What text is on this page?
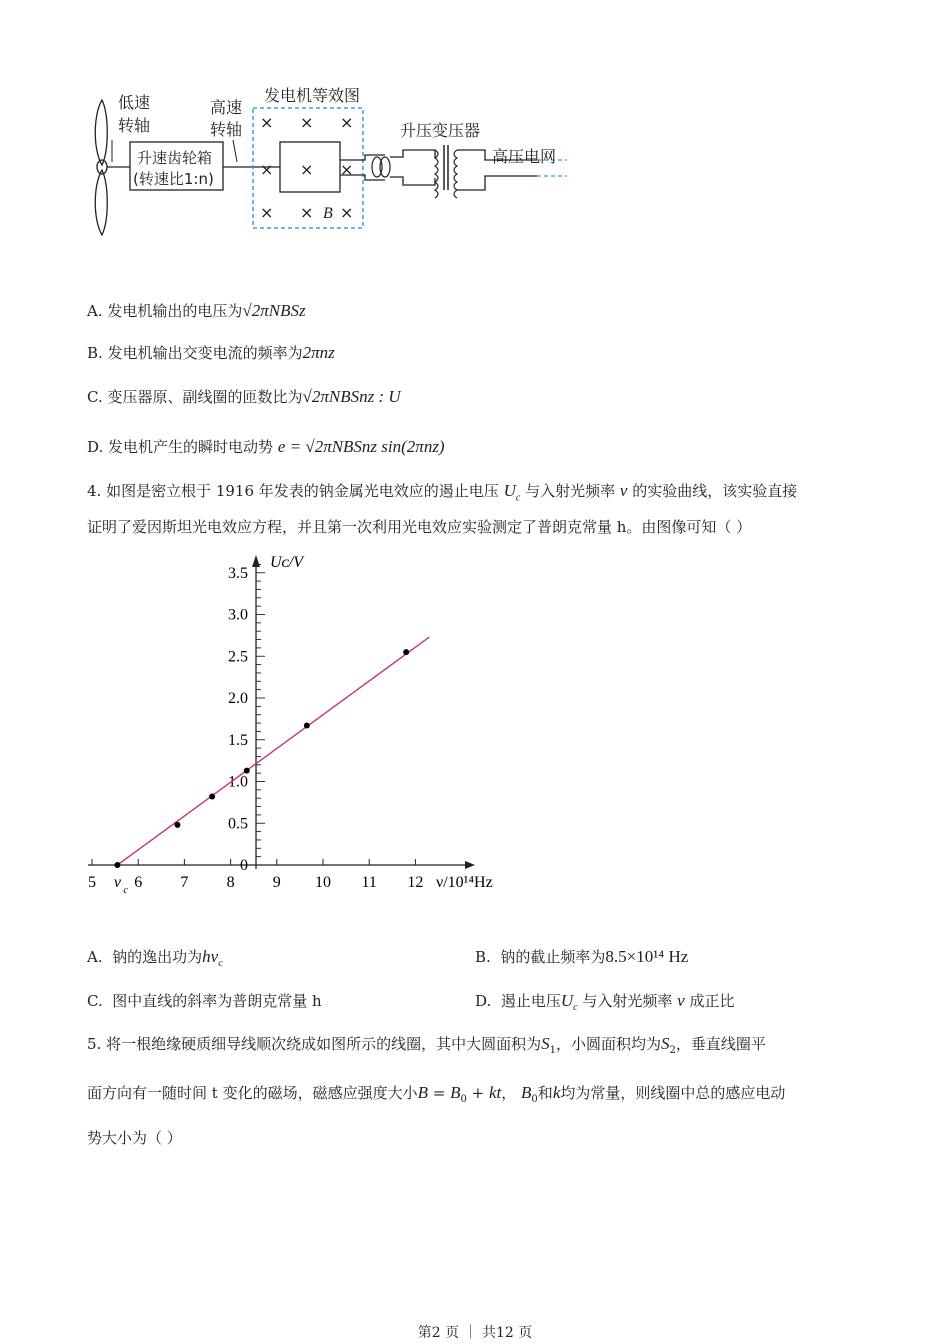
低速
转轴
升速齿轮箱
(转速比1:n)
高速
转轴
发电机等效图
升压变压器
高压电网
B
× × ×
× × ×
× × ×
A. 发电机输出的电压为√2πNBSz
B. 发电机输出交变电流的频率为2πnz
C. 变压器原、副线圈的匝数比为√2πNBSnz : U
D. 发电机产生的瞬时电动势 e = √2πNBSnz sin(2πnz)
4. 如图是密立根于 1916 年发表的钠金属光电效应的遏止电压 $U_c$ 与入射光频率 ν 的实验曲线，该实验直接
证明了爱因斯坦光电效应方程，并且第一次利用光电效应实验测定了普朗克常量 h。由图像可知（ ）
0
0.5
1.0
1.5
2.0
2.5
3.0
3.5
5 6 7 8 9 10 11 12
ν c	ν/10¹⁴Hz
Uᴄ/V
A. 钠的逸出功为$h\nu_c$	B. 钠的截止频率为8.5×10¹⁴ Hz
C. 图中直线的斜率为普朗克常量 h	D. 遏止电压$U_c$ 与入射光频率 ν 成正比
5. 将一根绝缘硬质细导线顺次绕成如图所示的线圈，其中大圆面积为$S_1$，小圆面积均为$S_2$，垂直线圈平
面方向有一随时间 t 变化的磁场，磁感应强度大小$B = B_0$ + kt， $B_0$和k均为常量，则线圈中总的感应电动
势大小为（ ）
第2 页 ｜ 共12 页
